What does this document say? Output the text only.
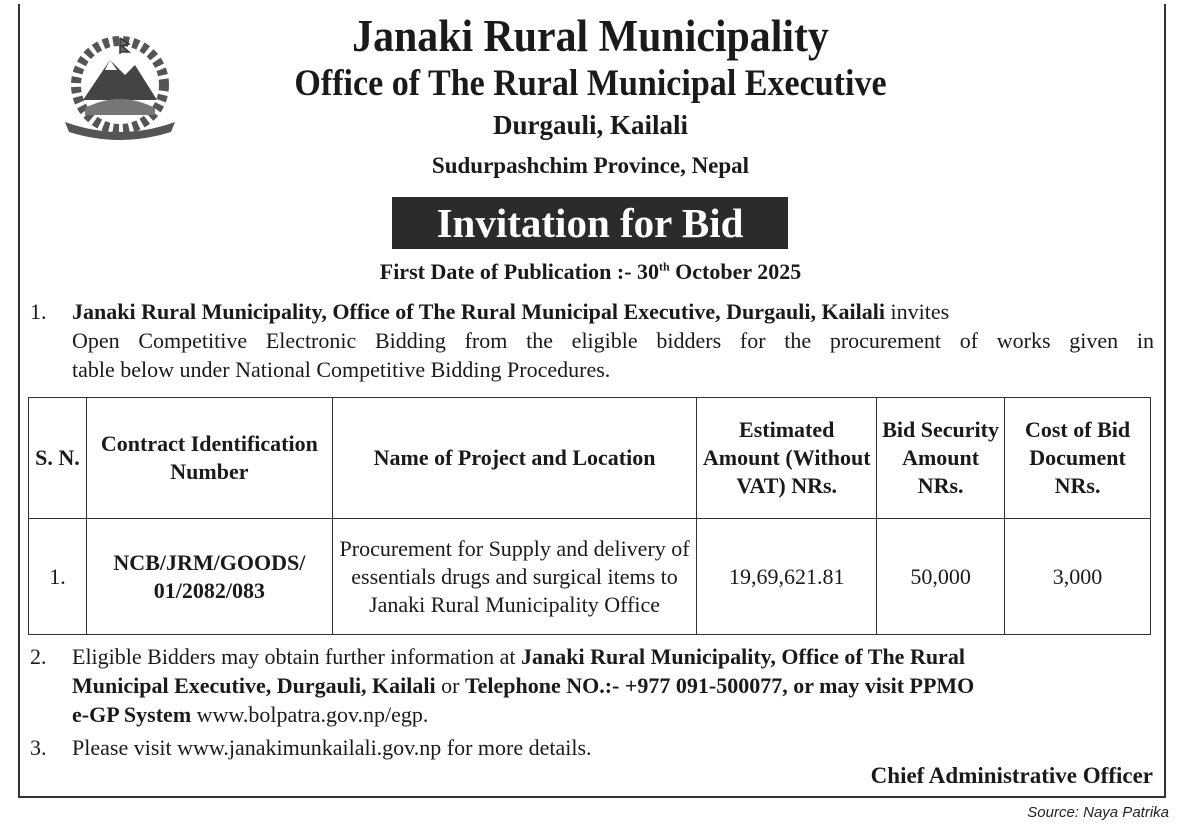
Janaki Rural Municipality
Office of The Rural Municipal Executive
Durgauli, Kailali
Sudurpashchim Province, Nepal
Invitation for Bid
First Date of Publication :- 30th October 2025
1.	Janaki Rural Municipality, Office of The Rural Municipal Executive, Durgauli, Kailali invites
Open Competitive Electronic Bidding from the eligible bidders for the procurement of works given in
table below under National Competitive Bidding Procedures.
S. N.	Contract Identification Number	Name of Project and Location	Estimated Amount (Without VAT) NRs.	Bid Security Amount NRs.	Cost of Bid Document NRs.
1.	NCB/JRM/GOODS/ 01/2082/083	Procurement for Supply and delivery of essentials drugs and surgical items to Janaki Rural Municipality Office	19,69,621.81	50,000	3,000
2.	Eligible Bidders may obtain further information at Janaki Rural Municipality, Office of The Rural
Municipal Executive, Durgauli, Kailali or Telephone NO.:- +977 091-500077, or may visit PPMO
e-GP System www.bolpatra.gov.np/egp.
3.	Please visit www.janakimunkailali.gov.np for more details.
Chief Administrative Officer
Source: Naya Patrika
